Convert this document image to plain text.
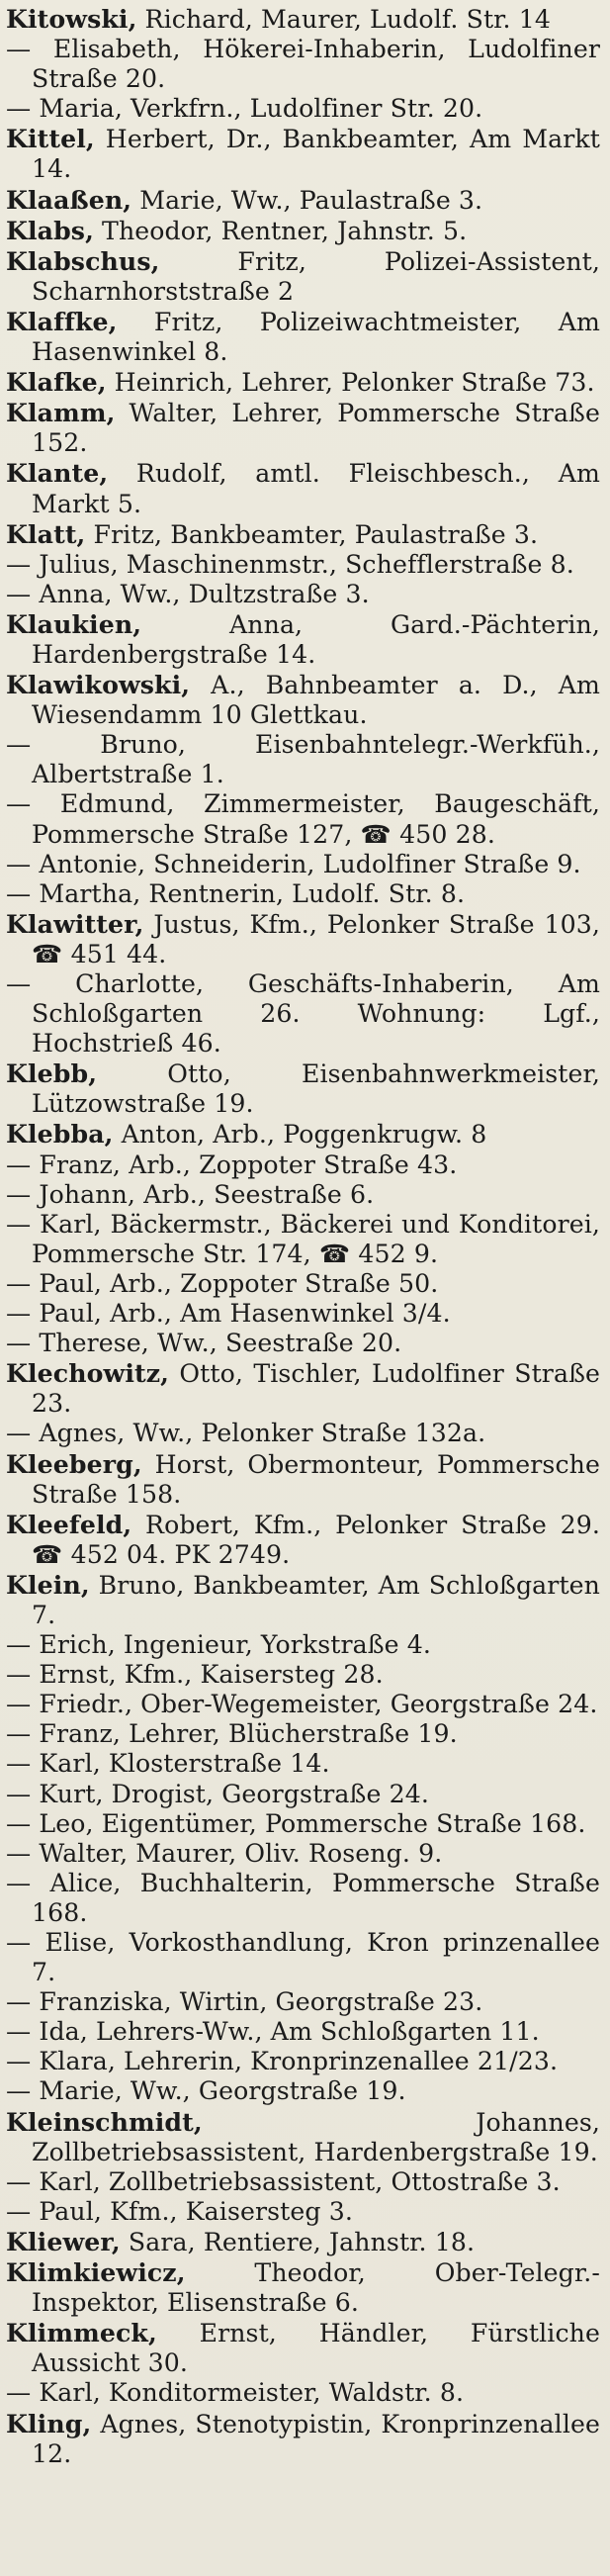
Kitowski, Richard, Maurer, Ludolf. Str. 14
— Elisabeth, Hökerei-Inhaberin, Ludolfiner Straße 20.
— Maria, Verkfrn., Ludolfiner Str. 20.
Kittel, Herbert, Dr., Bankbeamter, Am Markt 14.
Klaaßen, Marie, Ww., Paulastraße 3.
Klabs, Theodor, Rentner, Jahnstr. 5.
Klabschus, Fritz, Polizei-Assistent, Scharnhorststraße 2
Klaffke, Fritz, Polizeiwachtmeister, Am Hasenwinkel 8.
Klafke, Heinrich, Lehrer, Pelonker Straße 73.
Klamm, Walter, Lehrer, Pommersche Straße 152.
Klante, Rudolf, amtl. Fleischbesch., Am Markt 5.
Klatt, Fritz, Bankbeamter, Paulastraße 3.
— Julius, Maschinenmstr., Schefflerstraße 8.
— Anna, Ww., Dultzstraße 3.
Klaukien, Anna, Gard.-Pächterin, Hardenbergstraße 14.
Klawikowski, A., Bahnbeamter a. D., Am Wiesendamm 10 Glettkau.
— Bruno, Eisenbahntelegr.-Werkfüh., Albertstraße 1.
— Edmund, Zimmermeister, Baugeschäft, Pommersche Straße 127, ☎ 450 28.
— Antonie, Schneiderin, Ludolfiner Straße 9.
— Martha, Rentnerin, Ludolf. Str. 8.
Klawitter, Justus, Kfm., Pelonker Straße 103, ☎ 451 44.
— Charlotte, Geschäfts-Inhaberin, Am Schloßgarten 26. Wohnung: Lgf., Hochstrieß 46.
Klebb, Otto, Eisenbahnwerkmeister, Lützowstraße 19.
Klebba, Anton, Arb., Poggenkrugw. 8
— Franz, Arb., Zoppoter Straße 43.
— Johann, Arb., Seestraße 6.
— Karl, Bäckermstr., Bäckerei und Konditorei, Pommersche Str. 174, ☎ 452 9.
— Paul, Arb., Zoppoter Straße 50.
— Paul, Arb., Am Hasenwinkel 3/4.
— Therese, Ww., Seestraße 20.
Klechowitz, Otto, Tischler, Ludolfiner Straße 23.
— Agnes, Ww., Pelonker Straße 132a.
Kleeberg, Horst, Obermonteur, Pommersche Straße 158.
Kleefeld, Robert, Kfm., Pelonker Straße 29. ☎ 452 04. PK 2749.
Klein, Bruno, Bankbeamter, Am Schloßgarten 7.
— Erich, Ingenieur, Yorkstraße 4.
— Ernst, Kfm., Kaisersteg 28.
— Friedr., Ober-Wegemeister, Georgstraße 24.
— Franz, Lehrer, Blücherstraße 19.
— Karl, Klosterstraße 14.
— Kurt, Drogist, Georgstraße 24.
— Leo, Eigentümer, Pommersche Straße 168.
— Walter, Maurer, Oliv. Roseng. 9.
— Alice, Buchhalterin, Pommersche Straße 168.
— Elise, Vorkosthandlung, Kron prinzenallee 7.
— Franziska, Wirtin, Georgstraße 23.
— Ida, Lehrers-Ww., Am Schloßgarten 11.
— Klara, Lehrerin, Kronprinzenallee 21/23.
— Marie, Ww., Georgstraße 19.
Kleinschmidt, Johannes, Zollbetriebsassistent, Hardenbergstraße 19.
— Karl, Zollbetriebsassistent, Ottostraße 3.
— Paul, Kfm., Kaisersteg 3.
Kliewer, Sara, Rentiere, Jahnstr. 18.
Klimkiewicz, Theodor, Ober-Telegr.-Inspektor, Elisenstraße 6.
Klimmeck, Ernst, Händler, Fürstliche Aussicht 30.
— Karl, Konditormeister, Waldstr. 8.
Kling, Agnes, Stenotypistin, Kronprinzenallee 12.
